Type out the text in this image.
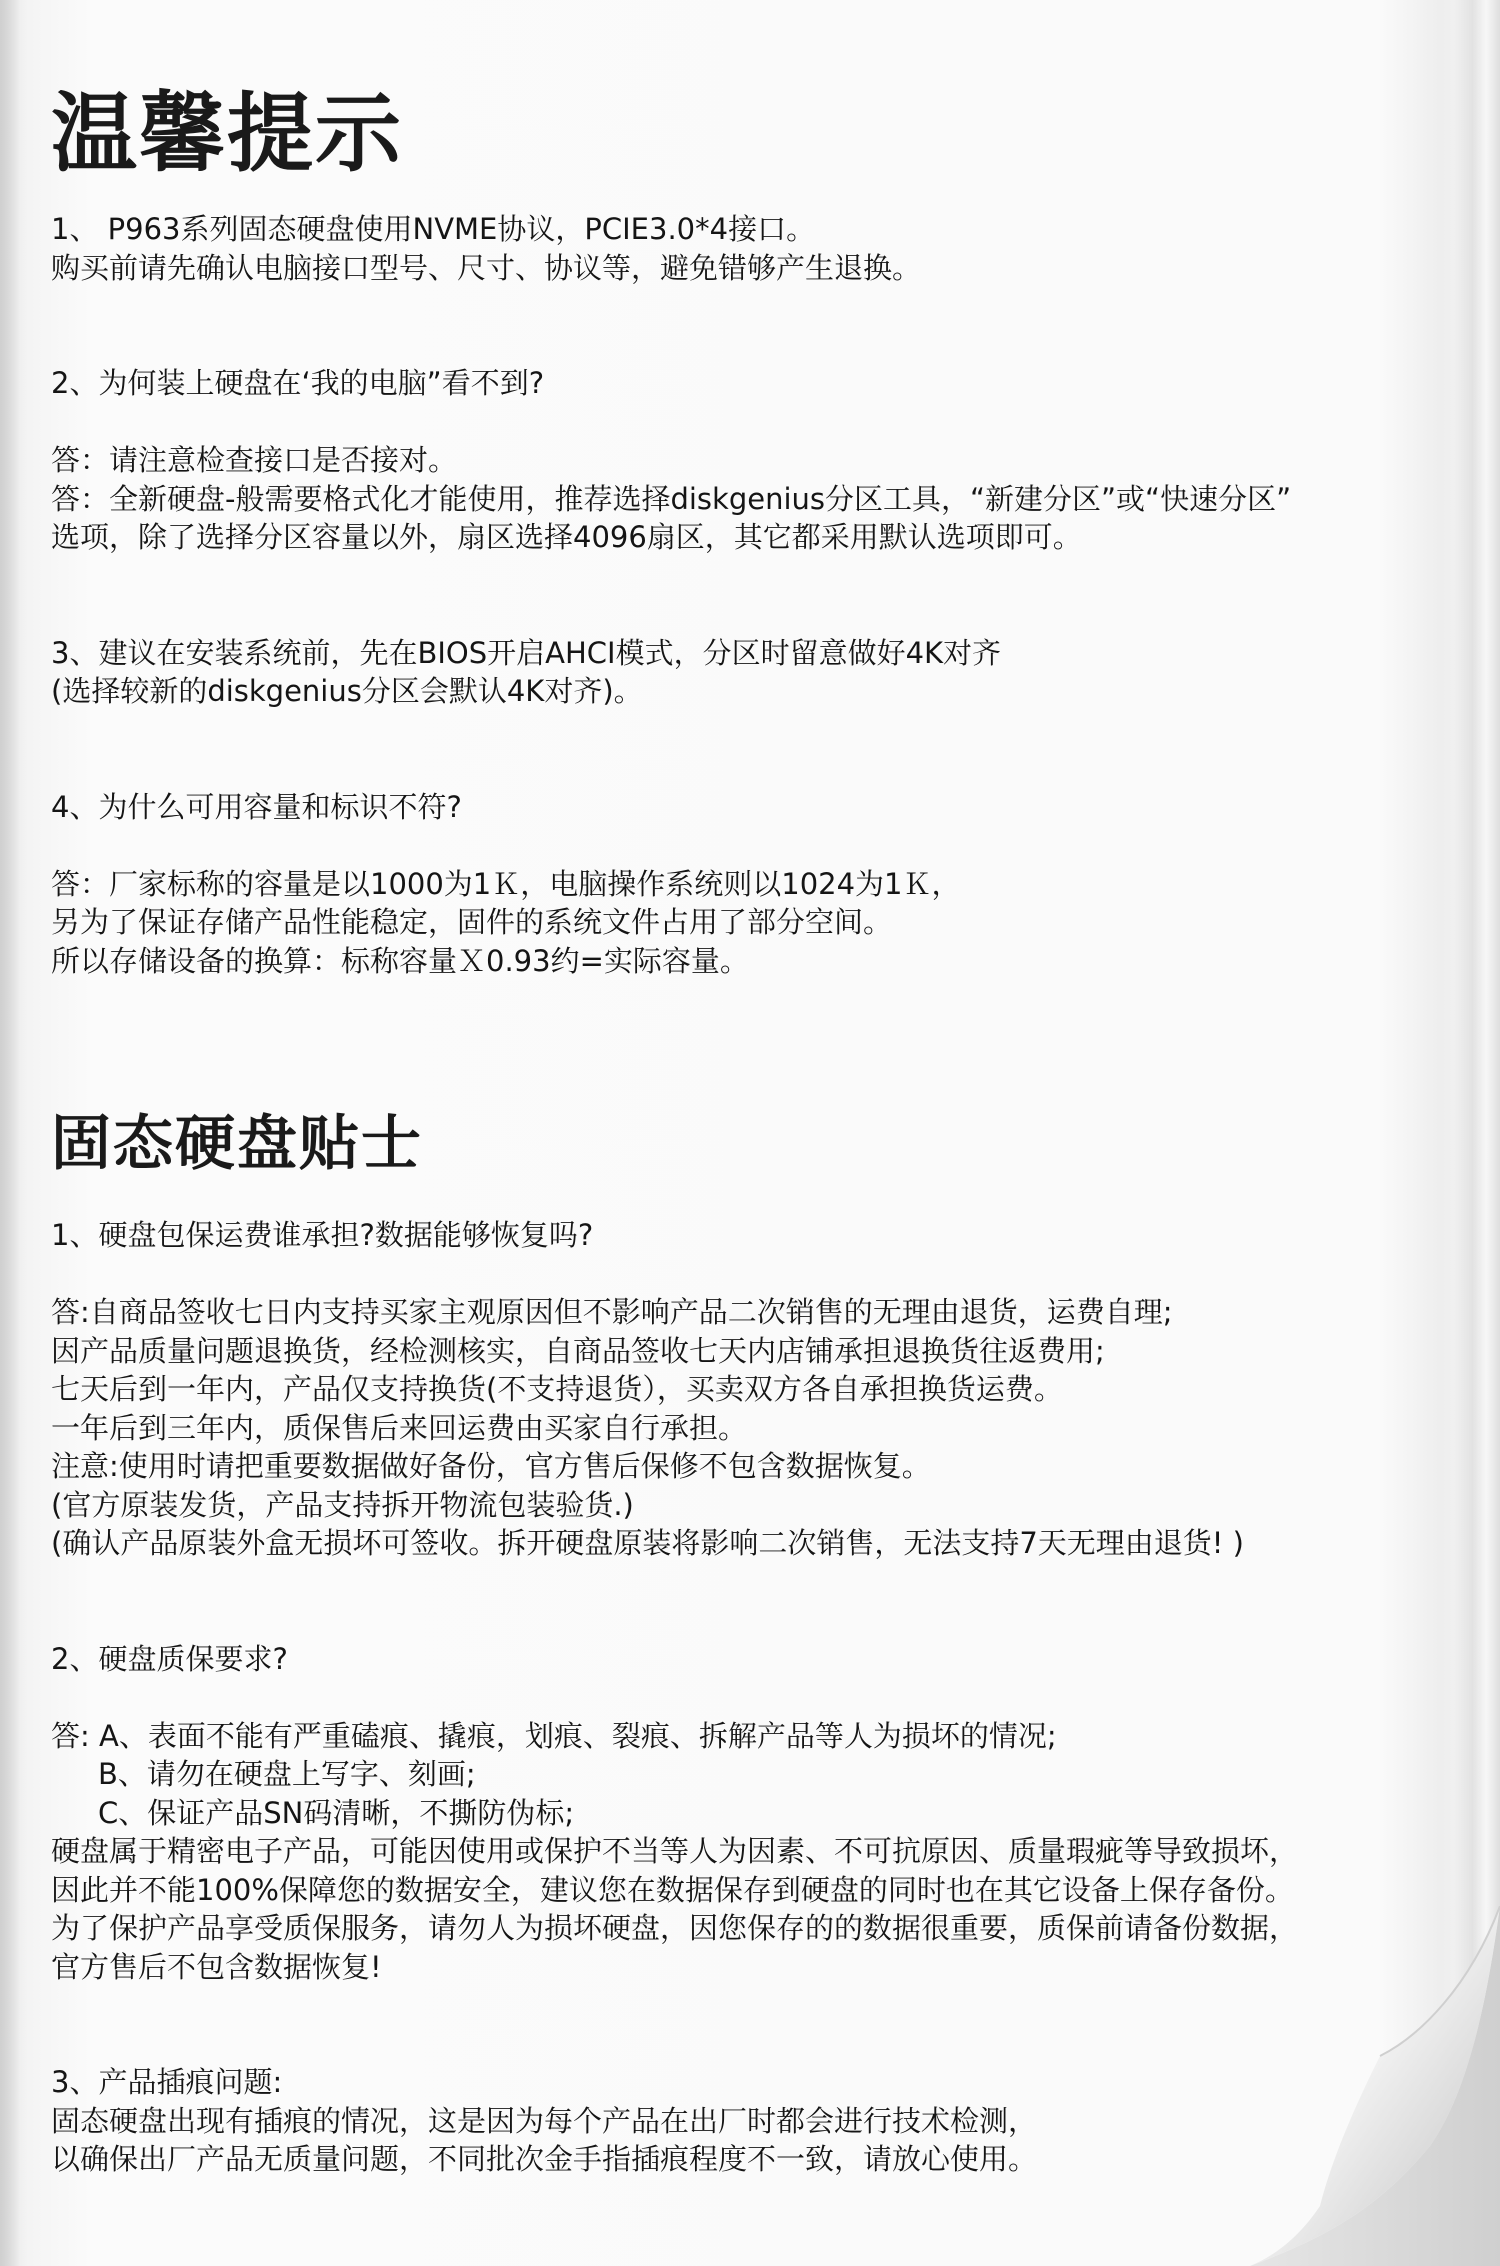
温馨提示
1、 P963系列固态硬盘使用NVME协议，PCIE3.0*4接口。
购买前请先确认电脑接口型号、尺寸、协议等，避免错够产生退换。
2、为何装上硬盘在‘我的电脑”看不到?
答：请注意检查接口是否接对。
答：全新硬盘-般需要格式化才能使用，推荐选择diskgenius分区工具，“新建分区”或“快速分区”
选项，除了选择分区容量以外，扇区选择4096扇区，其它都采用默认选项即可。
3、建议在安装系统前，先在BIOS开启AHCI模式，分区时留意做好4K对齐
(选择较新的diskgenius分区会默认4K对齐)。
4、为什么可用容量和标识不符?
答：厂家标称的容量是以1000为1Ｋ，电脑操作系统则以1024为1Ｋ，
另为了保证存储产品性能稳定，固件的系统文件占用了部分空间。
所以存储设备的换算：标称容量Ｘ0.93约=实际容量。
固态硬盘贴士
1、硬盘包保运费谁承担?数据能够恢复吗?
答:自商品签收七日内支持买家主观原因但不影响产品二次销售的无理由退货，运费自理;
因产品质量问题退换货，经检测核实，自商品签收七天内店铺承担退换货往返费用;
七天后到一年内，产品仅支持换货(不支持退货），买卖双方各自承担换货运费。
一年后到三年内，质保售后来回运费由买家自行承担。
注意:使用时请把重要数据做好备份，官方售后保修不包含数据恢复。
(官方原装发货，产品支持拆开物流包装验货.)
(确认产品原装外盒无损坏可签收。拆开硬盘原装将影响二次销售，无法支持7天无理由退货! )
2、硬盘质保要求?
答: A、表面不能有严重磕痕、撬痕，划痕、裂痕、拆解产品等人为损坏的情况;
B、请勿在硬盘上写字、刻画;
C、保证产品SN码清晰，不撕防伪标;
硬盘属于精密电子产品，可能因使用或保护不当等人为因素、不可抗原因、质量瑕疵等导致损坏，
因此并不能100%保障您的数据安全，建议您在数据保存到硬盘的同时也在其它设备上保存备份。
为了保护产品享受质保服务，请勿人为损坏硬盘，因您保存的的数据很重要，质保前请备份数据，
官方售后不包含数据恢复!
3、产品插痕问题:
固态硬盘出现有插痕的情况，这是因为每个产品在出厂时都会进行技术检测，
以确保出厂产品无质量问题，不同批次金手指插痕程度不一致，请放心使用。
